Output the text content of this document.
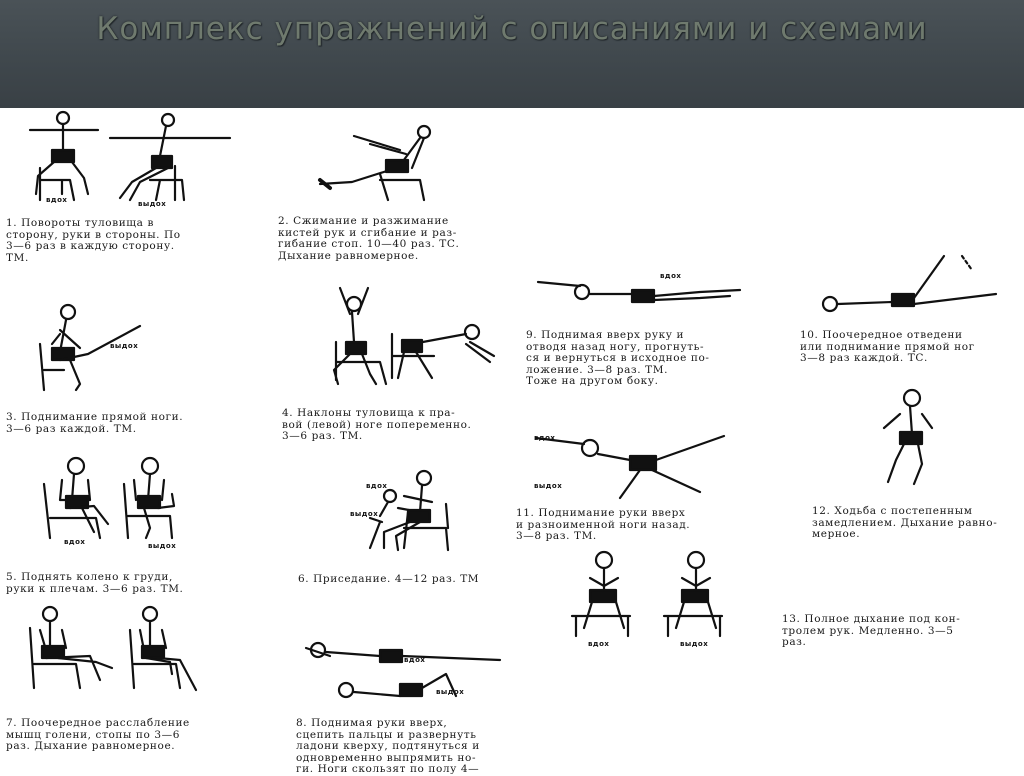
Комплекс упражнений с описаниями и схемами
вдох	выдох
выдох
вдох	выдох
вдох
выдох
вдох
выдох
вдох
вдох
выдох
вдох	выдох

1. Повороты туловища в
сторону, руки в стороны. По
3—6 раз в каждую сторону.
ТМ.

2. Сжимание и разжимание
кистей рук и сгибание и раз-
гибание стоп. 10—40 раз. ТС.
Дыхание равномерное.

3. Поднимание прямой ноги.
3—6 раз каждой. ТМ.

4. Наклоны туловища к пра-
вой (левой) ноге попеременно.
3—6 раз. ТМ.

5. Поднять колено к груди,
руки к плечам. 3—6 раз. ТМ.

6. Приседание. 4—12 раз. ТМ

7. Поочередное расслабление
мышц голени, стопы по 3—6
раз. Дыхание равномерное.

8. Поднимая руки вверх,
сцепить пальцы и развернуть
ладони кверху, подтянуться и
одновременно выпрямить но-
ги. Ноги скользят по полу 4—

9. Поднимая вверх руку и
отводя назад ногу, прогнуть-
ся и вернуться в исходное по-
ложение. 3—8 раз. ТМ.
Тоже на другом боку.

10. Поочередное отведени
или поднимание прямой ног
3—8 раз каждой. ТС.

11. Поднимание руки вверх
и разноименной ноги назад.
3—8 раз. ТМ.

12. Ходьба с постепенным
замедлением. Дыхание равно-
мерное.

13. Полное дыхание под кон-
тролем рук. Медленно. 3—5
раз.
